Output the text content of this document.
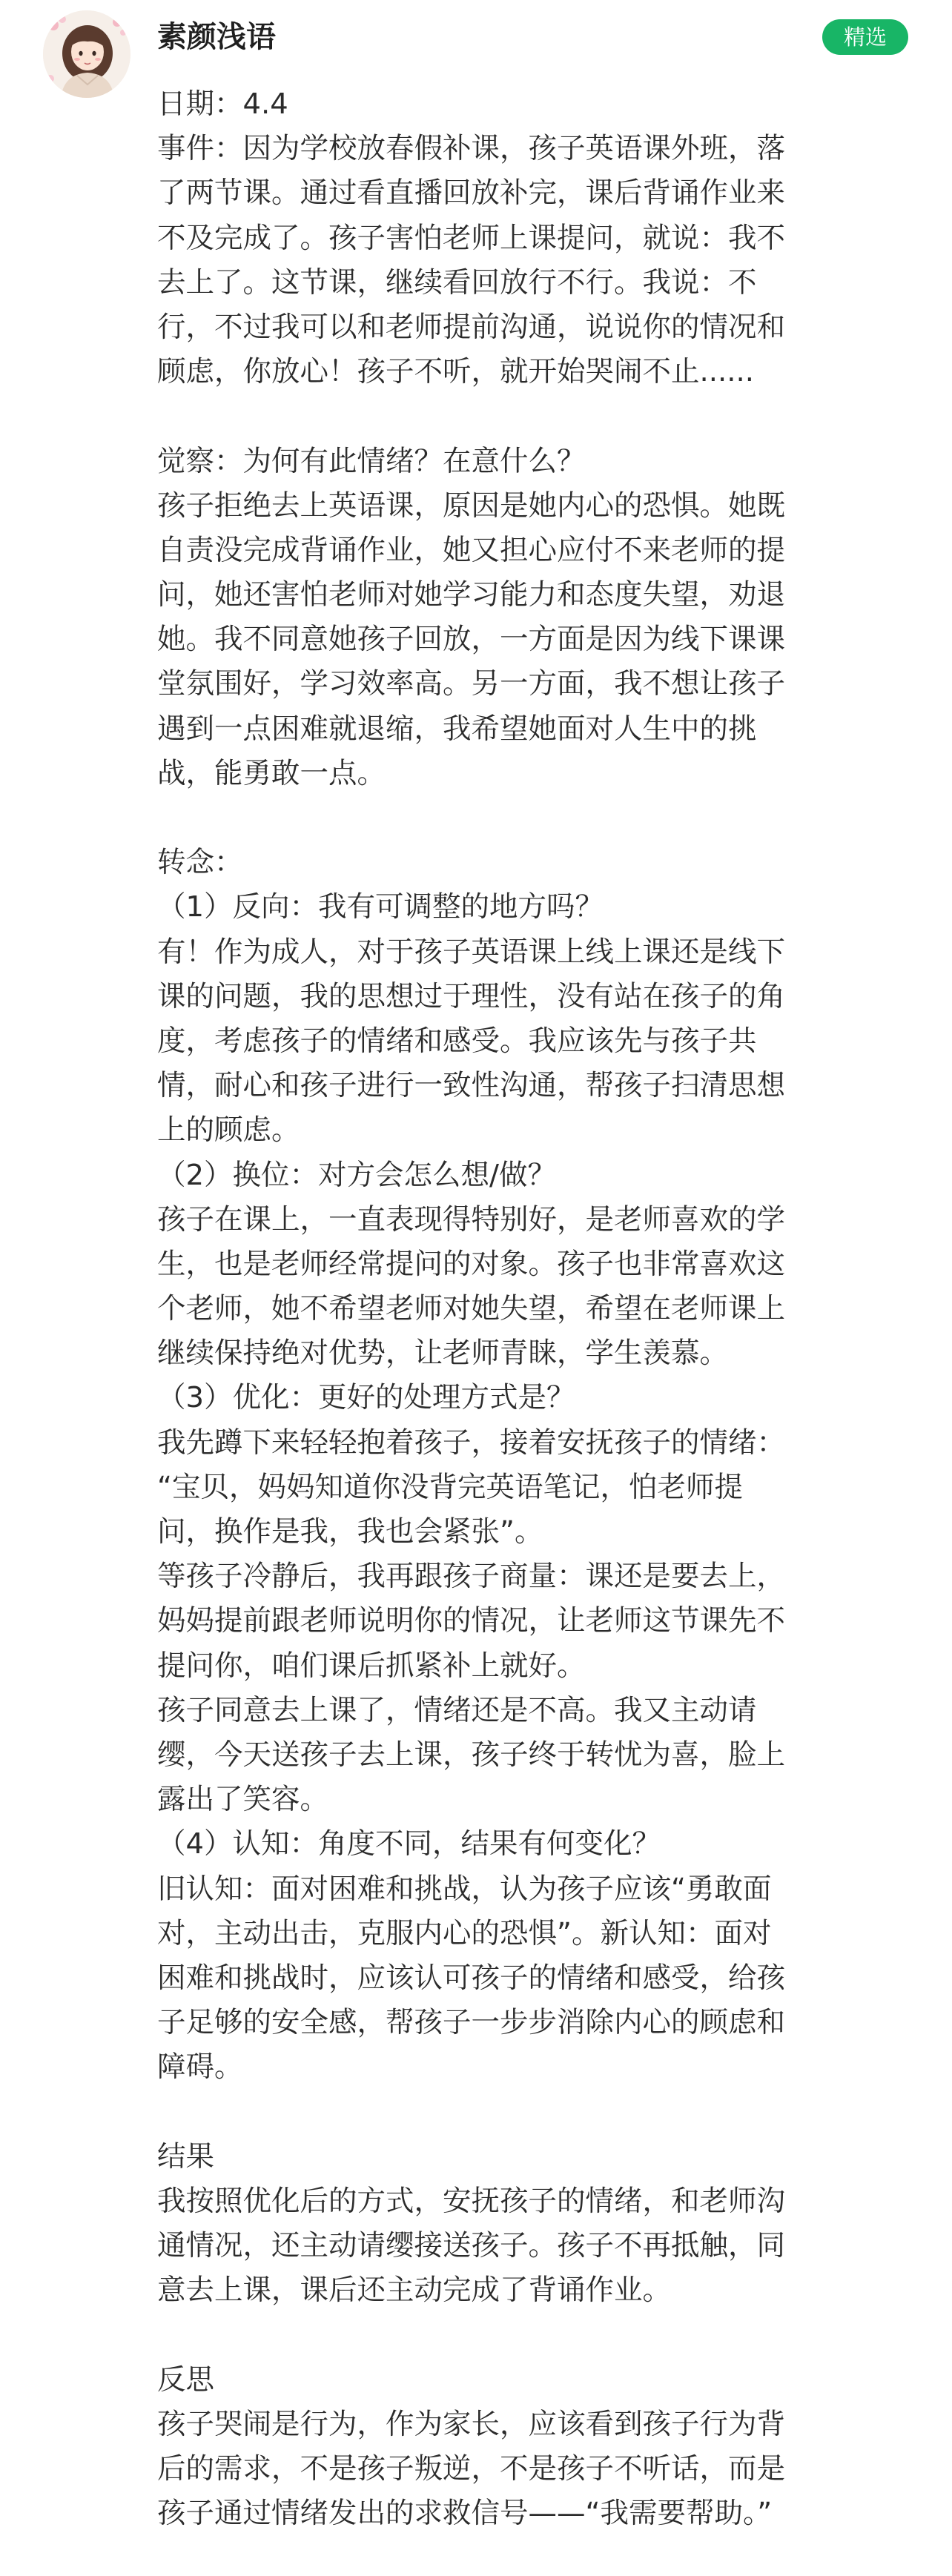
素颜浅语	精选
日期：4.4
事件：因为学校放春假补课，孩子英语课外班，落
了两节课。通过看直播回放补完，课后背诵作业来
不及完成了。孩子害怕老师上课提问，就说：我不
去上了。这节课，继续看回放行不行。我说：不
行，不过我可以和老师提前沟通，说说你的情况和
顾虑，你放心！孩子不听，就开始哭闹不止......
觉察：为何有此情绪？在意什么？
孩子拒绝去上英语课，原因是她内心的恐惧。她既
自责没完成背诵作业，她又担心应付不来老师的提
问，她还害怕老师对她学习能力和态度失望，劝退
她。我不同意她孩子回放，一方面是因为线下课课
堂氛围好，学习效率高。另一方面，我不想让孩子
遇到一点困难就退缩，我希望她面对人生中的挑
战，能勇敢一点。
转念：
（1）反向：我有可调整的地方吗？
有！作为成人，对于孩子英语课上线上课还是线下
课的问题，我的思想过于理性，没有站在孩子的角
度，考虑孩子的情绪和感受。我应该先与孩子共
情，耐心和孩子进行一致性沟通，帮孩子扫清思想
上的顾虑。
（2）换位：对方会怎么想/做？
孩子在课上，一直表现得特别好，是老师喜欢的学
生，也是老师经常提问的对象。孩子也非常喜欢这
个老师，她不希望老师对她失望，希望在老师课上
继续保持绝对优势，让老师青睐，学生羡慕。
（3）优化：更好的处理方式是？
我先蹲下来轻轻抱着孩子，接着安抚孩子的情绪：
“宝贝，妈妈知道你没背完英语笔记，怕老师提
问，换作是我，我也会紧张”。
等孩子冷静后，我再跟孩子商量：课还是要去上，
妈妈提前跟老师说明你的情况，让老师这节课先不
提问你，咱们课后抓紧补上就好。
孩子同意去上课了，情绪还是不高。我又主动请
缨，今天送孩子去上课，孩子终于转忧为喜，脸上
露出了笑容。
（4）认知：角度不同，结果有何变化？
旧认知：面对困难和挑战，认为孩子应该“勇敢面
对，主动出击，克服内心的恐惧”。新认知：面对
困难和挑战时，应该认可孩子的情绪和感受，给孩
子足够的安全感，帮孩子一步步消除内心的顾虑和
障碍。
结果
我按照优化后的方式，安抚孩子的情绪，和老师沟
通情况，还主动请缨接送孩子。孩子不再抵触，同
意去上课，课后还主动完成了背诵作业。
反思
孩子哭闹是行为，作为家长，应该看到孩子行为背
后的需求，不是孩子叛逆，不是孩子不听话，而是
孩子通过情绪发出的求救信号——“我需要帮助。”
